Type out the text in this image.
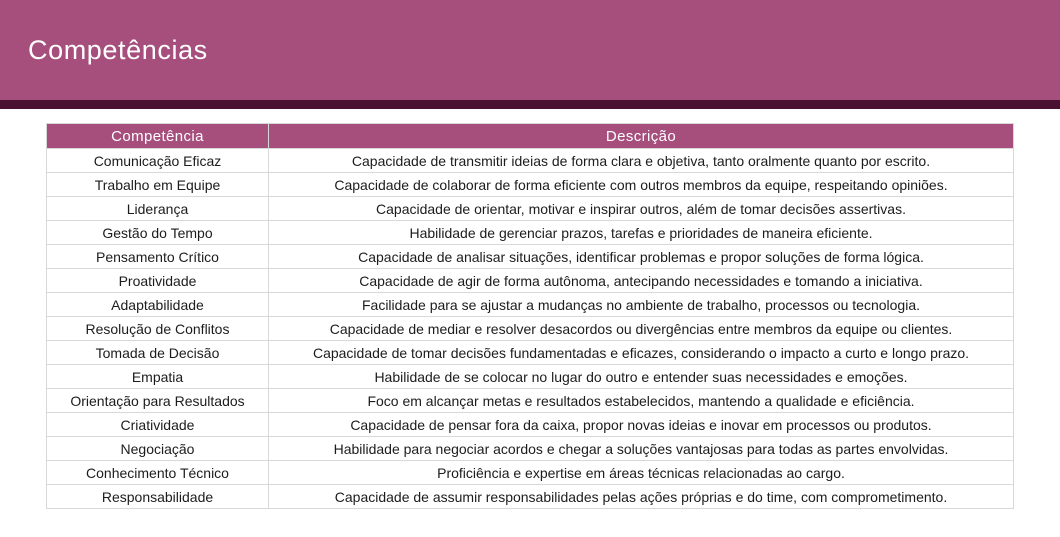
Competências
Competência	Descrição
Comunicação Eficaz	Capacidade de transmitir ideias de forma clara e objetiva, tanto oralmente quanto por escrito.
Trabalho em Equipe	Capacidade de colaborar de forma eficiente com outros membros da equipe, respeitando opiniões.
Liderança	Capacidade de orientar, motivar e inspirar outros, além de tomar decisões assertivas.
Gestão do Tempo	Habilidade de gerenciar prazos, tarefas e prioridades de maneira eficiente.
Pensamento Crítico	Capacidade de analisar situações, identificar problemas e propor soluções de forma lógica.
Proatividade	Capacidade de agir de forma autônoma, antecipando necessidades e tomando a iniciativa.
Adaptabilidade	Facilidade para se ajustar a mudanças no ambiente de trabalho, processos ou tecnologia.
Resolução de Conflitos	Capacidade de mediar e resolver desacordos ou divergências entre membros da equipe ou clientes.
Tomada de Decisão	Capacidade de tomar decisões fundamentadas e eficazes, considerando o impacto a curto e longo prazo.
Empatia	Habilidade de se colocar no lugar do outro e entender suas necessidades e emoções.
Orientação para Resultados	Foco em alcançar metas e resultados estabelecidos, mantendo a qualidade e eficiência.
Criatividade	Capacidade de pensar fora da caixa, propor novas ideias e inovar em processos ou produtos.
Negociação	Habilidade para negociar acordos e chegar a soluções vantajosas para todas as partes envolvidas.
Conhecimento Técnico	Proficiência e expertise em áreas técnicas relacionadas ao cargo.
Responsabilidade	Capacidade de assumir responsabilidades pelas ações próprias e do time, com comprometimento.
